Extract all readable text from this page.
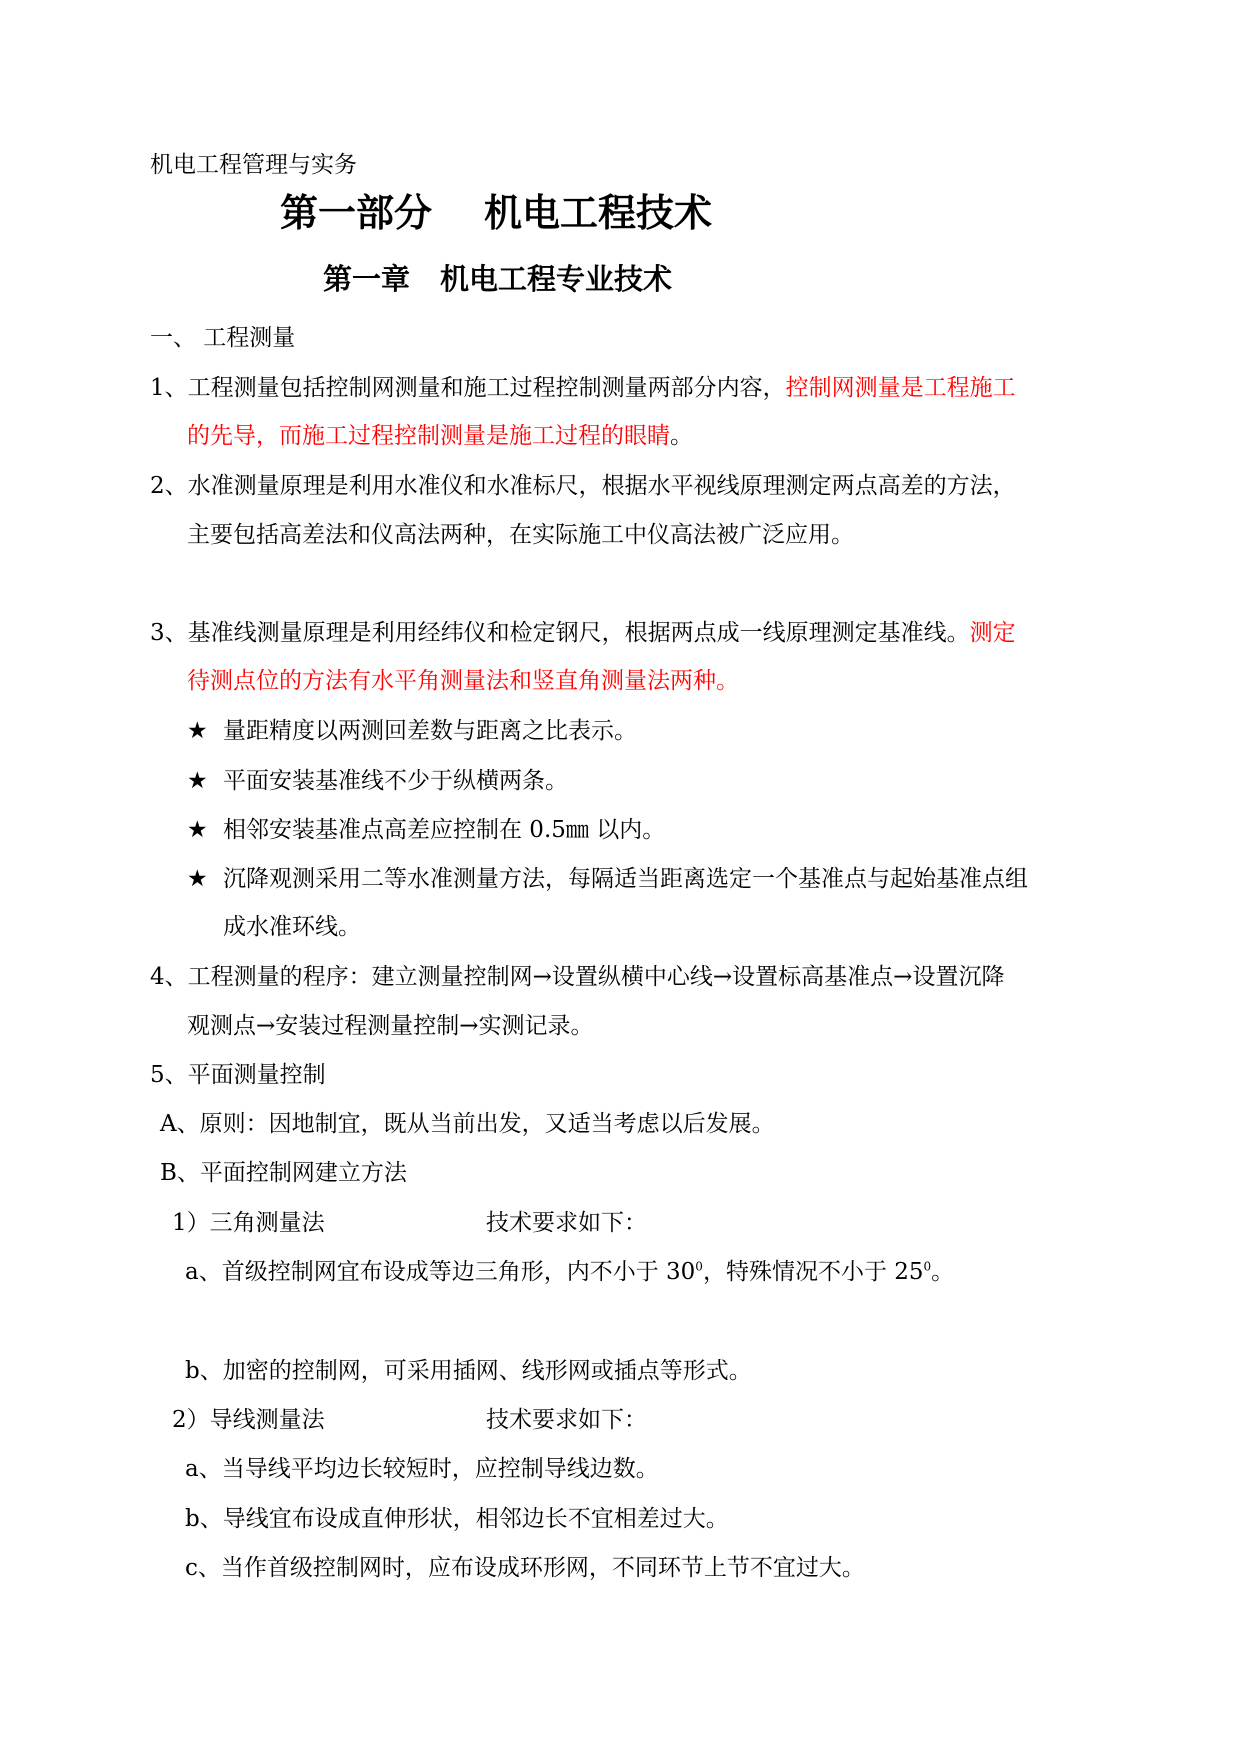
机电工程管理与实务
第一部分 机电工程技术
第一章 机电工程专业技术
一、 工程测量
1、工程测量包括控制网测量和施工过程控制测量两部分内容，控制网测量是工程施工
的先导，而施工过程控制测量是施工过程的眼睛。
2、水准测量原理是利用水准仪和水准标尺，根据水平视线原理测定两点高差的方法，
主要包括高差法和仪高法两种，在实际施工中仪高法被广泛应用。
3、基准线测量原理是利用经纬仪和检定钢尺，根据两点成一线原理测定基准线。测定
待测点位的方法有水平角测量法和竖直角测量法两种。
★ 量距精度以两测回差数与距离之比表示。
★ 平面安装基准线不少于纵横两条。
★ 相邻安装基准点高差应控制在 0.5㎜ 以内。
★ 沉降观测采用二等水准测量方法，每隔适当距离选定一个基准点与起始基准点组
成水准环线。
4、工程测量的程序：建立测量控制网→设置纵横中心线→设置标高基准点→设置沉降
观测点→安装过程测量控制→实测记录。
5、平面测量控制
A、原则：因地制宜，既从当前出发，又适当考虑以后发展。
B、平面控制网建立方法
1）三角测量法	技术要求如下：
a、首级控制网宜布设成等边三角形，内不小于 $30^0$，特殊情况不小于 $25^0$。
b、加密的控制网，可采用插网、线形网或插点等形式。
2）导线测量法	技术要求如下：
a、当导线平均边长较短时，应控制导线边数。
b、导线宜布设成直伸形状，相邻边长不宜相差过大。
c、当作首级控制网时，应布设成环形网，不同环节上节不宜过大。
